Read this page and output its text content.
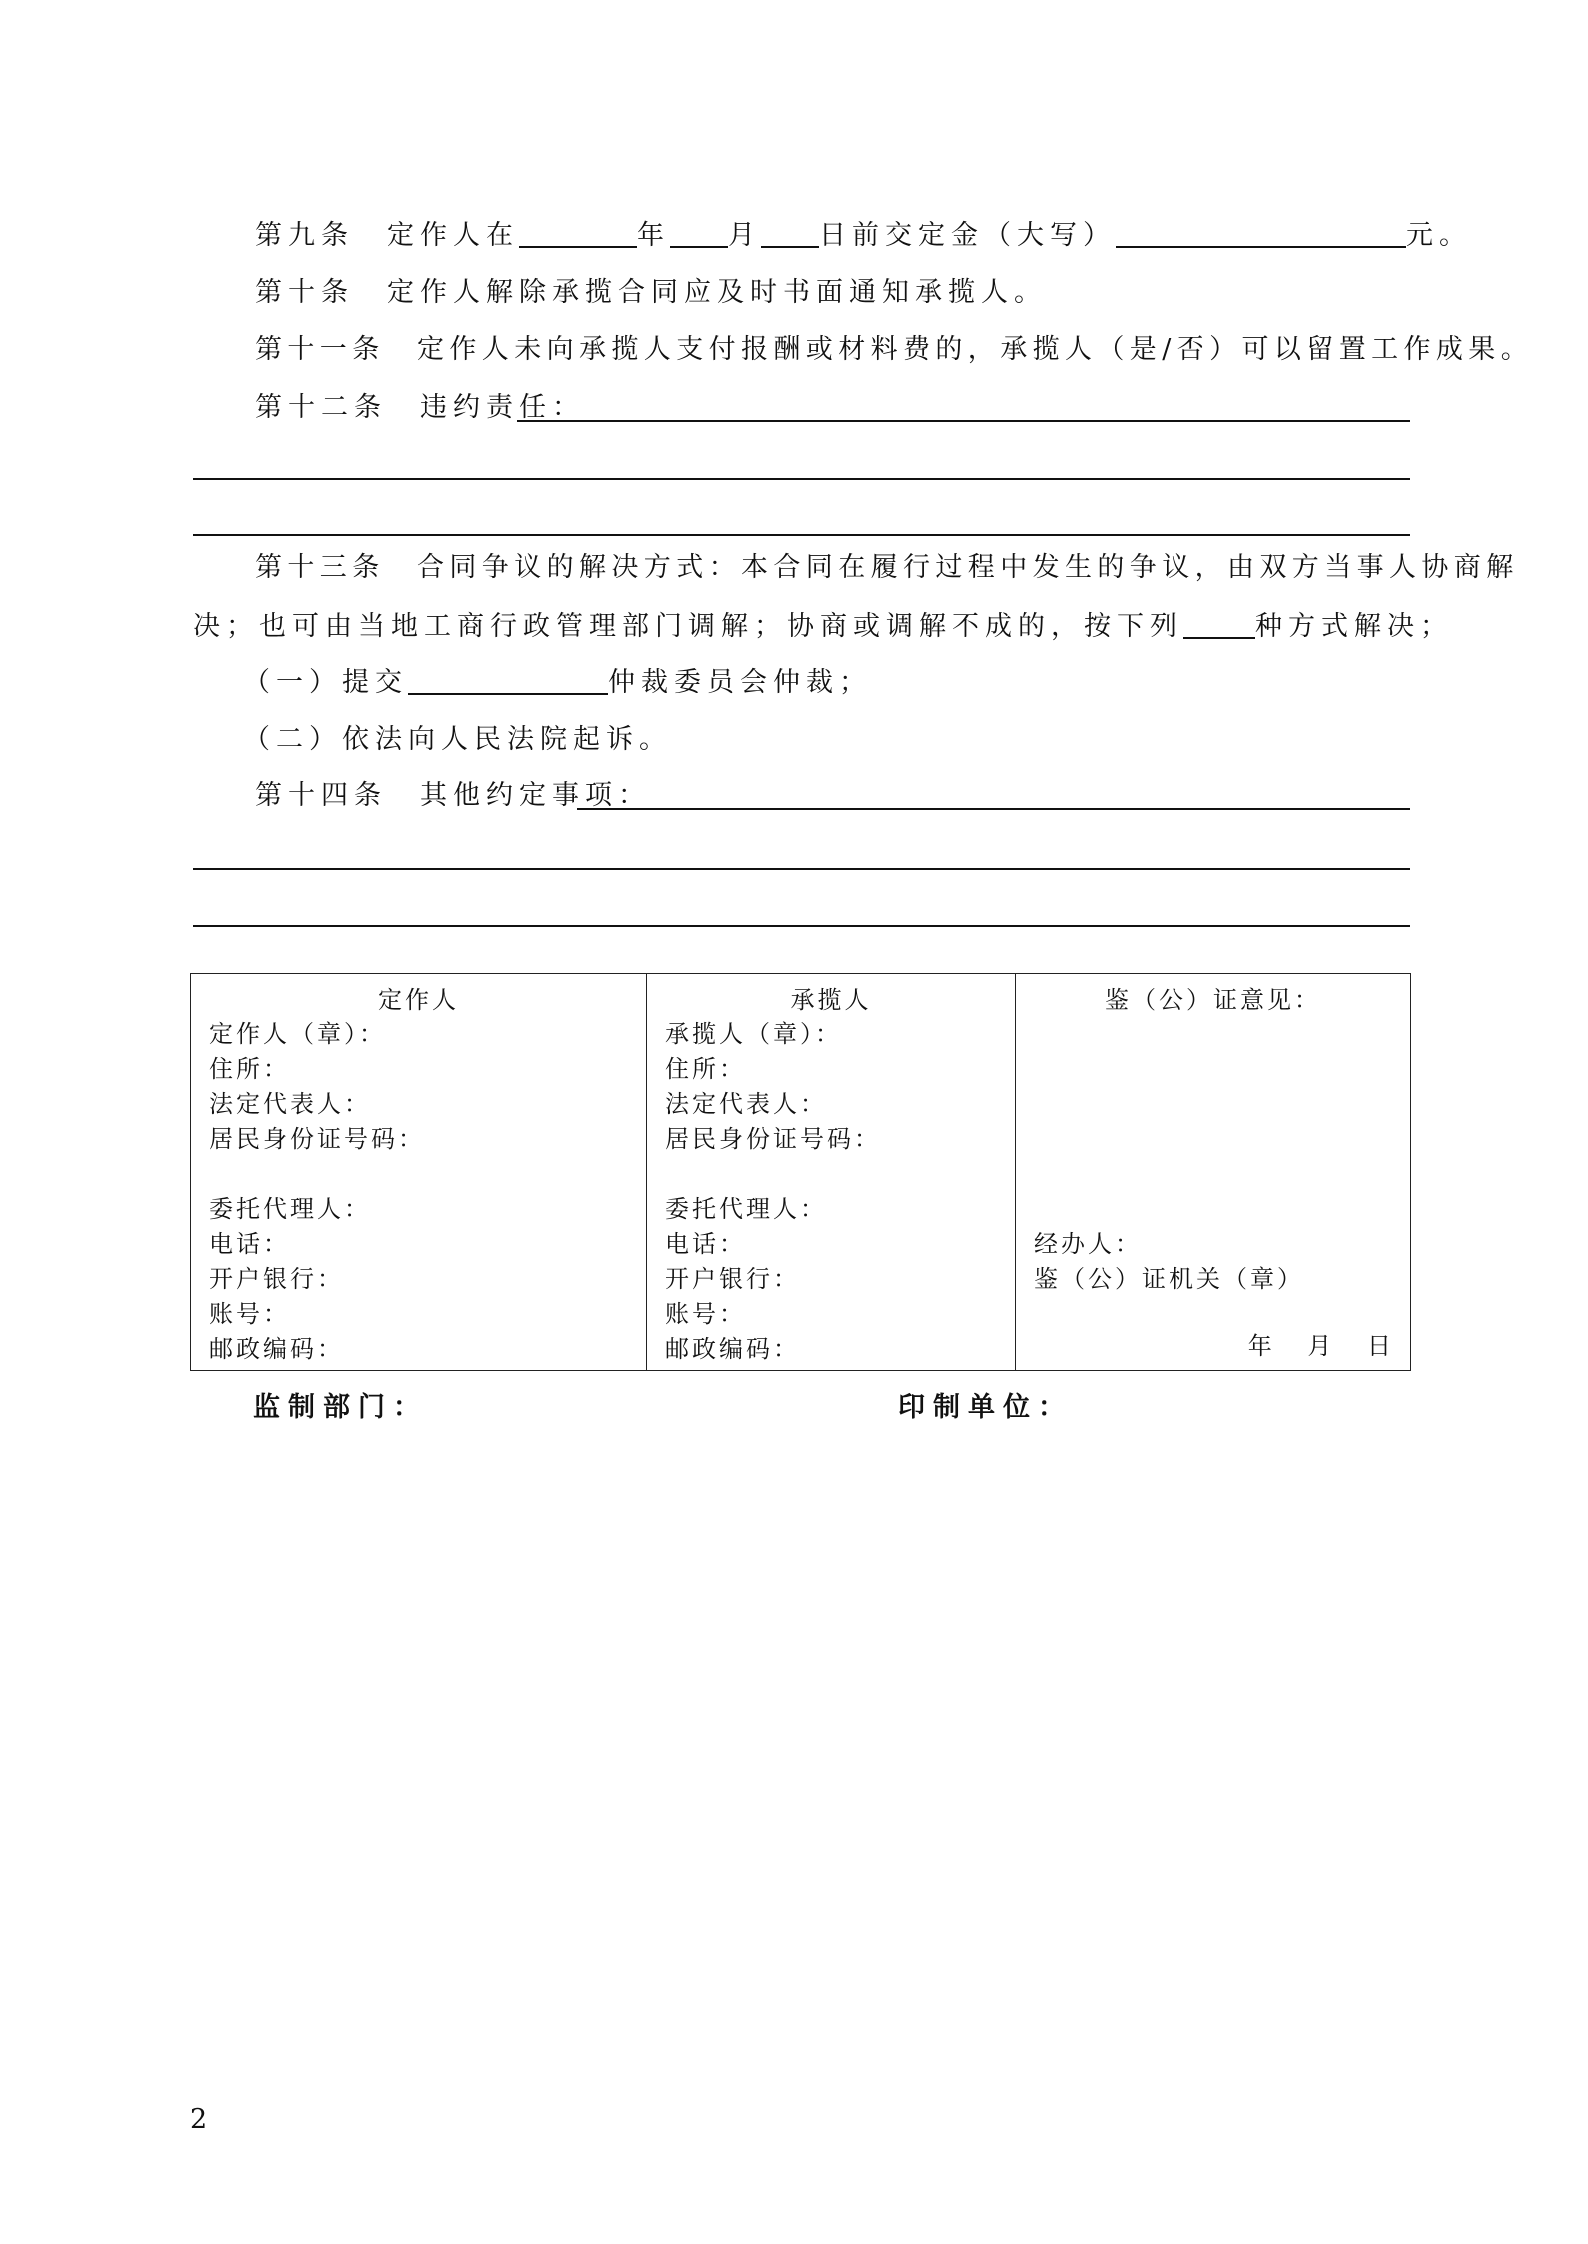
第九条　定作人在	年 月 日前交定金（大写）	元。
第十条　定作人解除承揽合同应及时书面通知承揽人。
第十一条　定作人未向承揽人支付报酬或材料费的，承揽人（是/否）可以留置工作成果。
第十二条　违约责任：
第十三条　合同争议的解决方式：本合同在履行过程中发生的争议，由双方当事人协商解
决；也可由当地工商行政管理部门调解；协商或调解不成的，按下列	种方式解决；
（一）提交	仲裁委员会仲裁；
（二）依法向人民法院起诉。
第十四条　其他约定事项：
定作人
定作人（章）：
住所：
法定代表人：
居民身份证号码：
委托代理人：
电话：
开户银行：
账号：
邮政编码：

承揽人
承揽人（章）：
住所：
法定代表人：
居民身份证号码：
委托代理人：
电话：
开户银行：
账号：
邮政编码：

鉴（公）证意见：
经办人：
鉴（公）证机关（章）
年 月 日
监制部门：	印制单位：
2
